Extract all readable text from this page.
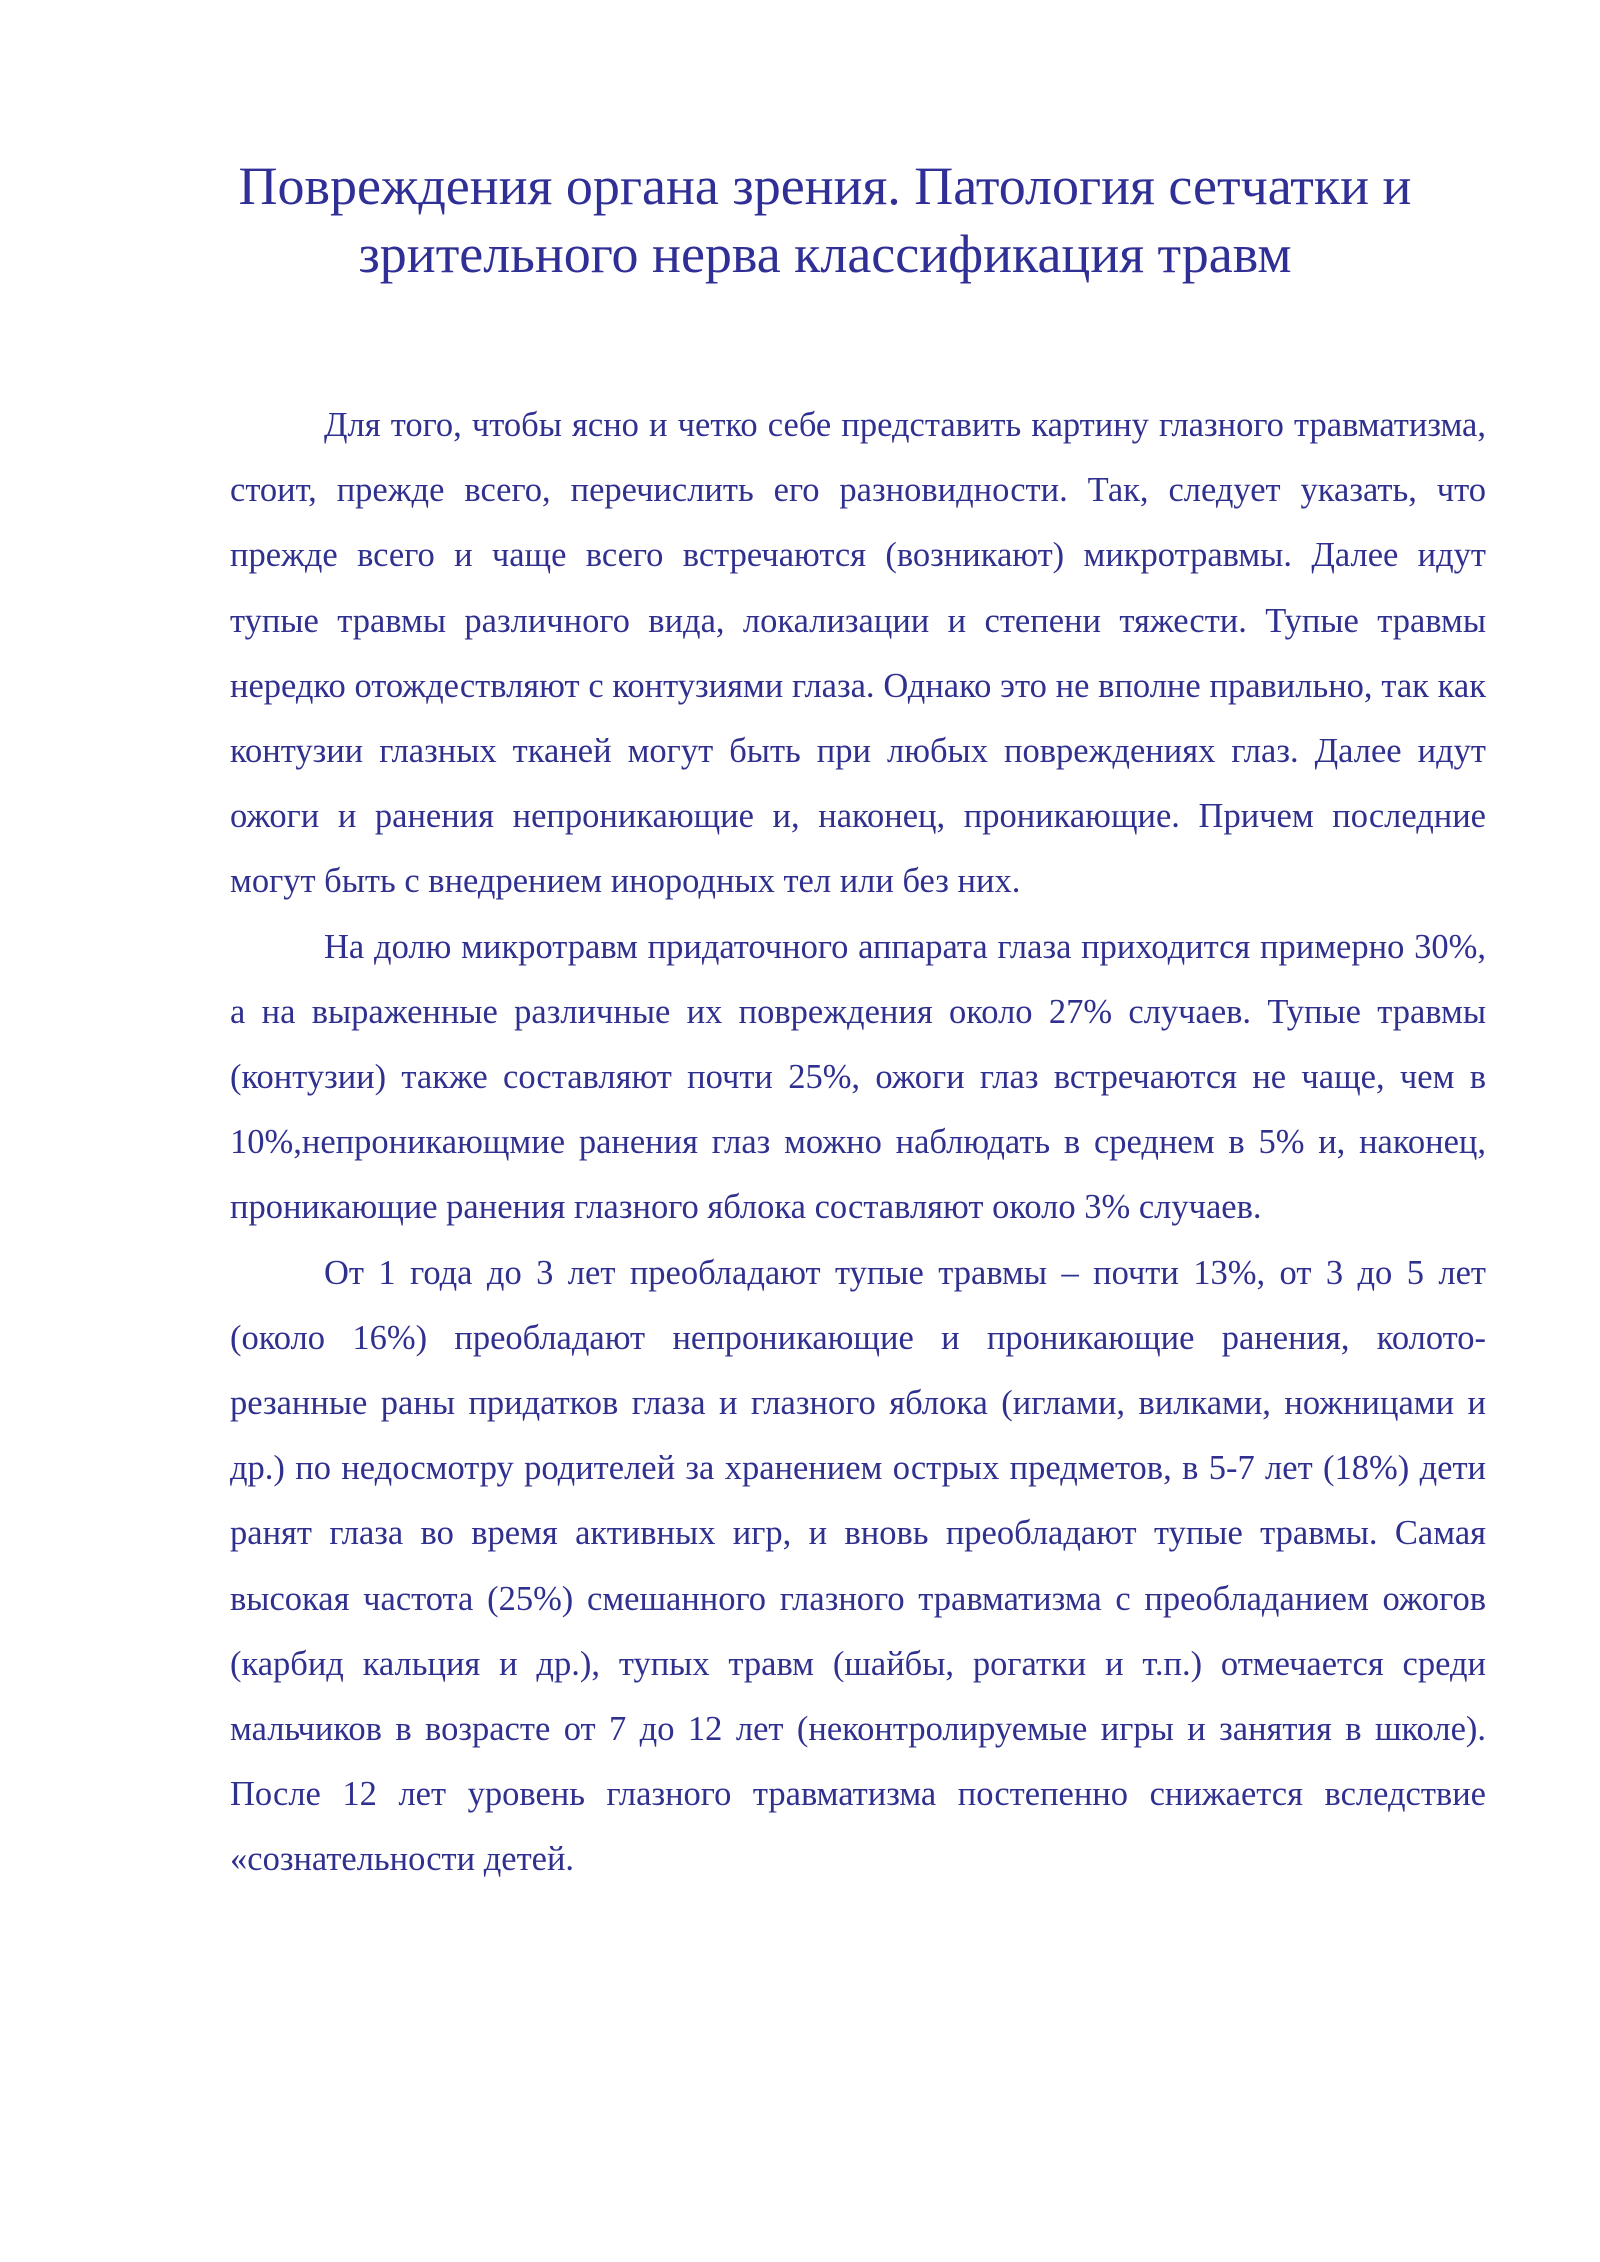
Повреждения органа зрения. Патология сетчатки и зрительного нерва классификация травм

Для того, чтобы ясно и четко себе представить картину глазного травматизма, стоит, прежде всего, перечислить его разновидности. Так, следует указать, что прежде всего и чаще всего встречаются (возникают) микротравмы. Далее идут тупые травмы различного вида, локализации и степени тяжести. Тупые травмы нередко отождествляют с контузиями глаза. Однако это не вполне правильно, так как контузии глазных тканей могут быть при любых повреждениях глаз. Далее идут ожоги и ранения непроникающие и, наконец, проникающие. Причем последние могут быть с внедрением инородных тел или без них.

На долю микротравм придаточного аппарата глаза приходится примерно 30%, а на выраженные различные их повреждения около 27% случаев. Тупые травмы (контузии) также составляют почти 25%, ожоги глаз встречаются не чаще, чем в 10%,непроникающмие ранения глаз можно наблюдать в среднем в 5% и, наконец, проникающие ранения глазного яблока составляют около 3% случаев.

От 1 года до 3 лет преобладают тупые травмы – почти 13%, от 3 до 5 лет (около 16%) преобладают непроникающие и проникающие ранения, колото-резанные раны придатков глаза и глазного яблока (иглами, вилками, ножницами и др.) по недосмотру родителей за хранением острых предметов, в 5-7 лет (18%) дети ранят глаза во время активных игр, и вновь преобладают тупые травмы. Самая высокая частота (25%) смешанного глазного травматизма с преобладанием ожогов (карбид кальция и др.), тупых травм (шайбы, рогатки и т.п.) отмечается среди мальчиков в возрасте от 7 до 12 лет (неконтролируемые игры и занятия в школе). После 12 лет уровень глазного травматизма постепенно снижается вследствие «сознательности детей.
